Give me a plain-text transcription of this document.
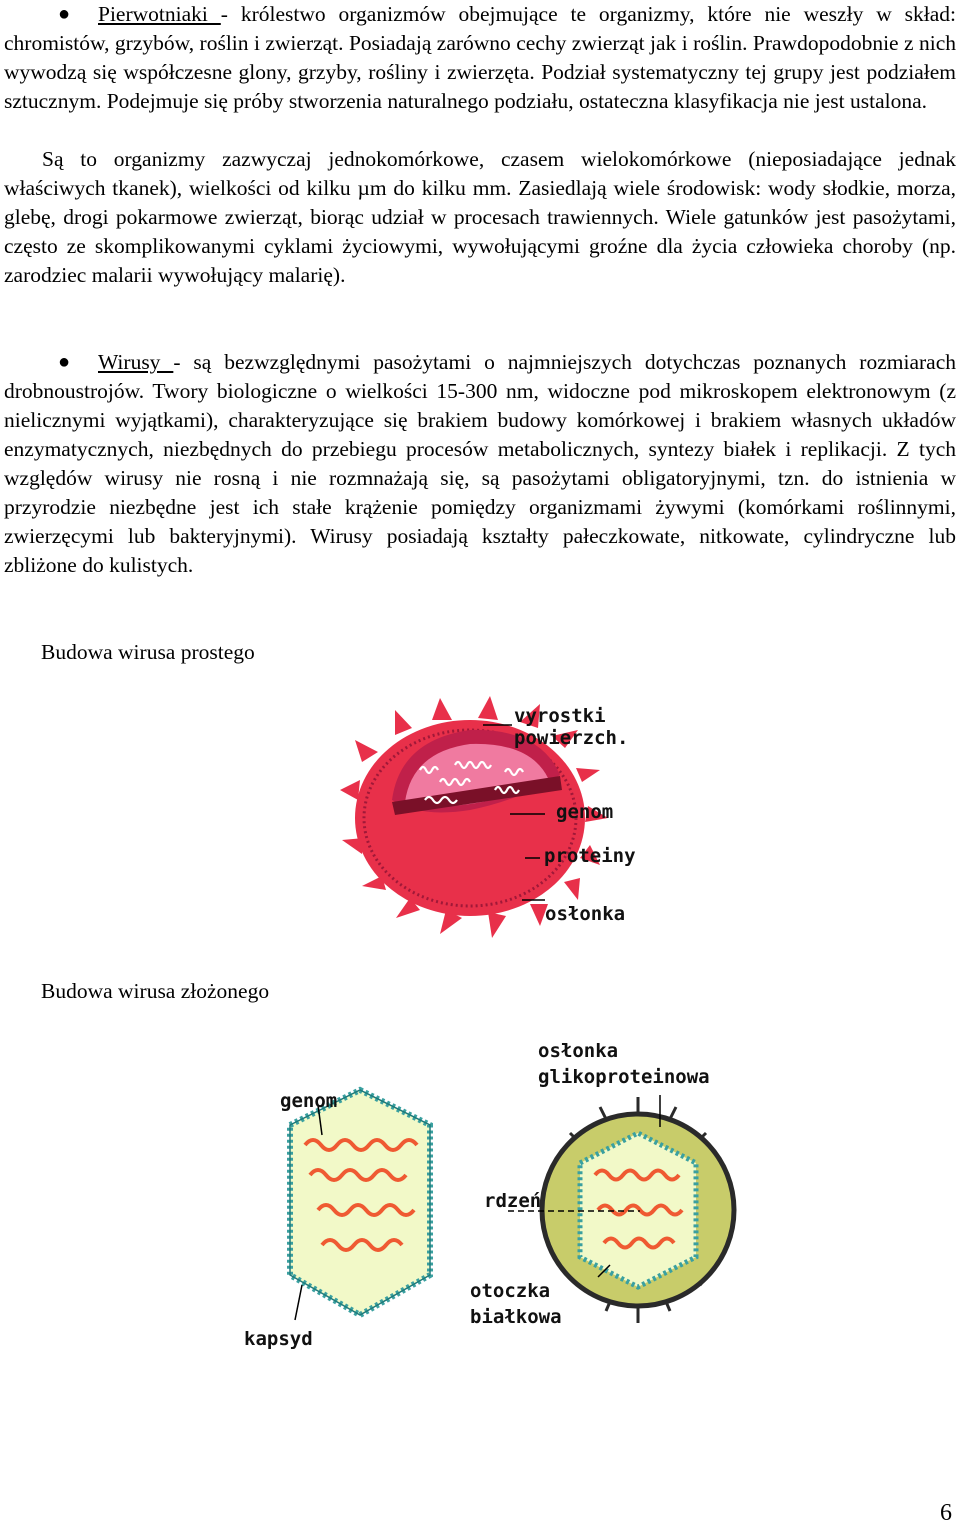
●	Pierwotniaki - królestwo organizmów obejmujące te organizmy, które nie weszły w skład: chromistów, grzybów, roślin i zwierząt. Posiadają zarówno cechy zwierząt jak i roślin. Prawdopodobnie z nich wywodzą się współczesne glony, grzyby, rośliny i zwierzęta. Podział systematyczny tej grupy jest podziałem sztucznym. Podejmuje się próby stworzenia naturalnego podziału, ostateczna klasyfikacja nie jest ustalona.

Są to organizmy zazwyczaj jednokomórkowe, czasem wielokomórkowe (nieposiadające jednak właściwych tkanek), wielkości od kilku µm do kilku mm. Zasiedlają wiele środowisk: wody słodkie, morza, glebę, drogi pokarmowe zwierząt, biorąc udział w procesach trawiennych. Wiele gatunków jest pasożytami, często ze skomplikowanymi cyklami życiowymi, wywołującymi groźne dla życia człowieka choroby (np. zarodziec malarii wywołujący malarię).

●	Wirusy - są bezwzględnymi pasożytami o najmniejszych dotychczas poznanych rozmiarach drobnoustrojów. Twory biologiczne o wielkości 15-300 nm, widoczne pod mikroskopem elektronowym (z nielicznymi wyjątkami), charakteryzujące się brakiem budowy komórkowej i brakiem własnych układów enzymatycznych, niezbędnych do przebiegu procesów metabolicznych, syntezy białek i replikacji. Z tych względów wirusy nie rosną i nie rozmnażają się, są pasożytami obligatoryjnymi, tzn. do istnienia w przyrodzie niezbędne jest ich stałe krążenie pomiędzy organizmami żywymi (komórkami roślinnymi, zwierzęcymi lub bakteryjnymi). Wirusy posiadają kształty pałeczkowate, nitkowate, cylindryczne lub zbliżone do kulistych.

Budowa wirusa prostego

vyrostki
powierzch.
genom
proteiny
osłonka

Budowa wirusa złożonego

genom
kapsyd
osłonka
glikoproteinowa
rdzeń
otoczka
białkowa
6
